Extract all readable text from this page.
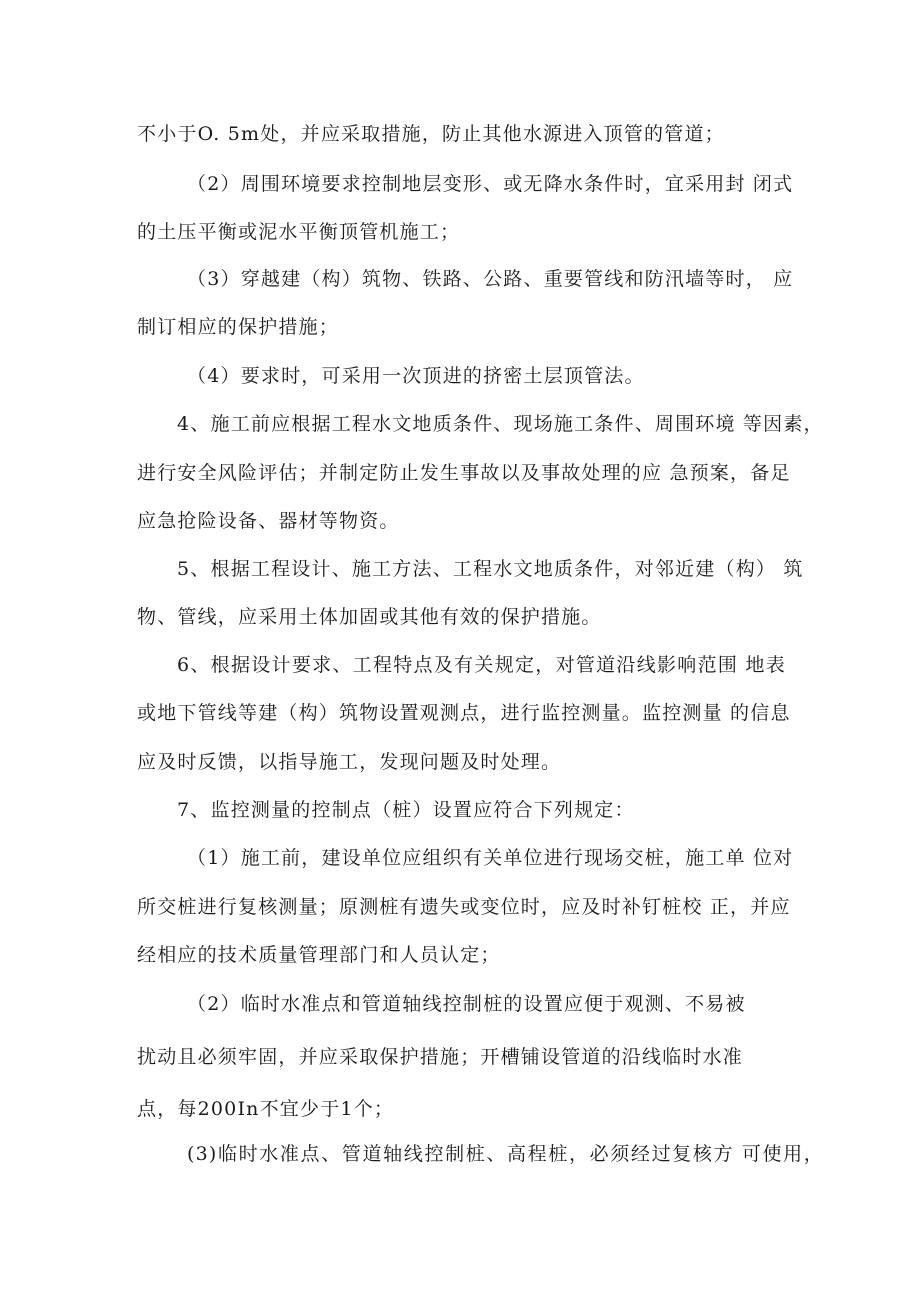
不小于O. 5m处，并应采取措施，防止其他水源进入顶管的管道；
（2）周围环境要求控制地层变形、或无降水条件时，宜采用封 闭式
的土压平衡或泥水平衡顶管机施工；
（3）穿越建（构）筑物、铁路、公路、重要管线和防汛墙等时， 应
制订相应的保护措施；
（4）要求时，可采用一次顶进的挤密土层顶管法。
4、施工前应根据工程水文地质条件、现场施工条件、周围环境 等因素，
进行安全风险评估；并制定防止发生事故以及事故处理的应 急预案，备足
应急抢险设备、器材等物资。
5、根据工程设计、施工方法、工程水文地质条件，对邻近建（构） 筑
物、管线，应采用土体加固或其他有效的保护措施。
6、根据设计要求、工程特点及有关规定，对管道沿线影响范围 地表
或地下管线等建（构）筑物设置观测点，进行监控测量。监控测量 的信息
应及时反馈，以指导施工，发现问题及时处理。
7、监控测量的控制点（桩）设置应符合下列规定：
（1）施工前，建设单位应组织有关单位进行现场交桩，施工单 位对
所交桩进行复核测量；原测桩有遗失或变位时，应及时补钉桩校 正，并应
经相应的技术质量管理部门和人员认定；
（2）临时水准点和管道轴线控制桩的设置应便于观测、不易被
扰动且必须牢固，并应采取保护措施；开槽铺设管道的沿线临时水准
点，每200In不宜少于1个；
(3)临时水准点、管道轴线控制桩、高程桩，必须经过复核方 可使用，
